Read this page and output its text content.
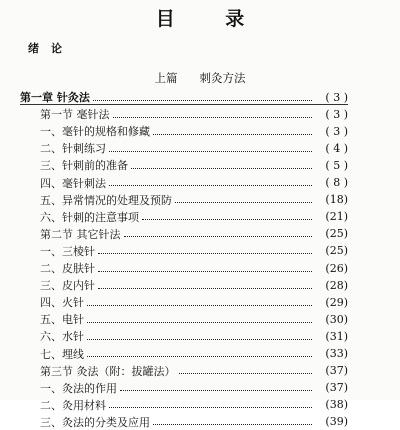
目 录
绪论
上篇 刺灸方法
第一章 针灸法	( 3 )
第一节 毫针法	( 3 )
一、毫针的规格和修藏	( 3 )
二、针刺练习	( 4 )
三、针刺前的准备	( 5 )
四、毫针刺法	( 8 )
五、异常情况的处理及预防	(18)
六、针刺的注意事项	(21)
第二节 其它针法	(25)
一、三棱针	(25)
二、皮肤针	(26)
三、皮内针	(28)
四、火针	(29)
五、电针	(30)
六、水针	(31)
七、埋线	(33)
第三节 灸法（附：拔罐法）	(37)
一、灸法的作用	(37)
二、灸用材料	(38)
三、灸法的分类及应用	(39)
